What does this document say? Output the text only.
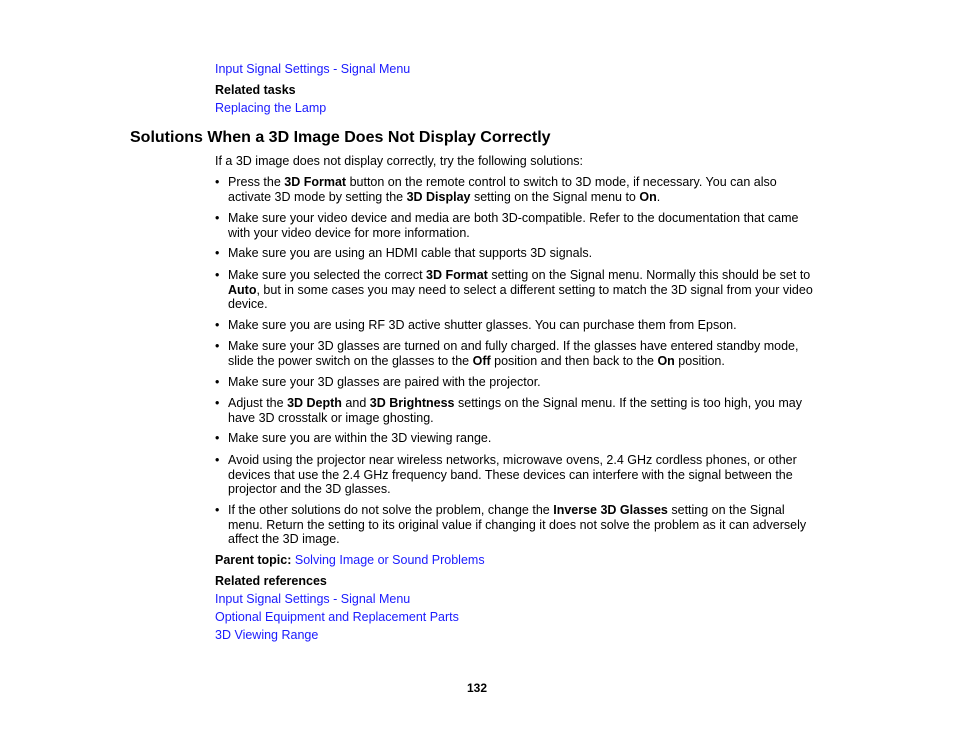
Input Signal Settings - Signal Menu
Related tasks
Replacing the Lamp
Solutions When a 3D Image Does Not Display Correctly
If a 3D image does not display correctly, try the following solutions:
• Press the 3D Format button on the remote control to switch to 3D mode, if necessary. You can also activate 3D mode by setting the 3D Display setting on the Signal menu to On.
• Make sure your video device and media are both 3D-compatible. Refer to the documentation that came with your video device for more information.
• Make sure you are using an HDMI cable that supports 3D signals.
• Make sure you selected the correct 3D Format setting on the Signal menu. Normally this should be set to Auto, but in some cases you may need to select a different setting to match the 3D signal from your video device.
• Make sure you are using RF 3D active shutter glasses. You can purchase them from Epson.
• Make sure your 3D glasses are turned on and fully charged. If the glasses have entered standby mode, slide the power switch on the glasses to the Off position and then back to the On position.
• Make sure your 3D glasses are paired with the projector.
• Adjust the 3D Depth and 3D Brightness settings on the Signal menu. If the setting is too high, you may have 3D crosstalk or image ghosting.
• Make sure you are within the 3D viewing range.
• Avoid using the projector near wireless networks, microwave ovens, 2.4 GHz cordless phones, or other devices that use the 2.4 GHz frequency band. These devices can interfere with the signal between the projector and the 3D glasses.
• If the other solutions do not solve the problem, change the Inverse 3D Glasses setting on the Signal menu. Return the setting to its original value if changing it does not solve the problem as it can adversely affect the 3D image.
Parent topic: Solving Image or Sound Problems
Related references
Input Signal Settings - Signal Menu
Optional Equipment and Replacement Parts
3D Viewing Range
132
